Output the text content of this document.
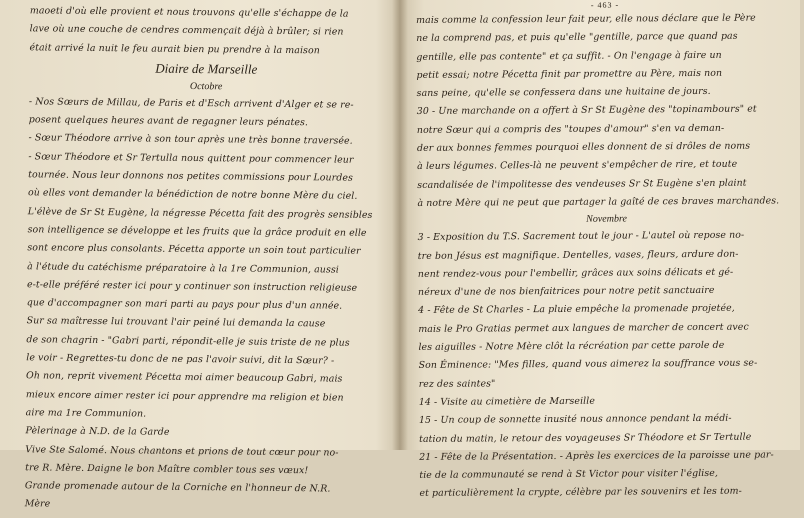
maoeti d'où elle provient et nous trouvons qu'elle s'échappe de la
lave où une couche de cendres commençait déjà à brûler; si rien
était arrivé la nuit le feu aurait bien pu prendre à la maison
Diaire de Marseille
Octobre
- Nos Sœurs de Millau, de Paris et d'Esch arrivent d'Alger et se re-
posent quelques heures avant de regagner leurs pénates.
- Sœur Théodore arrive à son tour après une très bonne traversée.
- Sœur Théodore et Sr Tertulla nous quittent pour commencer leur
tournée. Nous leur donnons nos petites commissions pour Lourdes
où elles vont demander la bénédiction de notre bonne Mère du ciel.
L'élève de Sr St Eugène, la négresse Pécetta fait des progrès sensibles
son intelligence se développe et les fruits que la grâce produit en elle
sont encore plus consolants. Pécetta apporte un soin tout particulier
à l'étude du catéchisme préparatoire à la 1re Communion, aussi
e-t-elle préféré rester ici pour y continuer son instruction religieuse
que d'accompagner son mari parti au pays pour plus d'un année.
Sur sa maîtresse lui trouvant l'air peiné lui demanda la cause
de son chagrin - "Gabri parti, répondit-elle je suis triste de ne plus
le voir - Regrettes-tu donc de ne pas l'avoir suivi, dit la Sœur? -
Oh non, reprit vivement Pécetta moi aimer beaucoup Gabri, mais
mieux encore aimer rester ici pour apprendre ma religion et bien
aire ma 1re Communion.
Pèlerinage à N.D. de la Garde
Vive Ste Salomé. Nous chantons et prions de tout cœur pour no-
tre R. Mère. Daigne le bon Maître combler tous ses vœux!
Grande promenade autour de la Corniche en l'honneur de N.R.
Mère
- 463 -
mais comme la confession leur fait peur, elle nous déclare que le Père
ne la comprend pas, et puis qu'elle "gentille, parce que quand pas
gentille, elle pas contente" et ça suffit. - On l'engage à faire un
petit essai; notre Pécetta finit par promettre au Père, mais non
sans peine, qu'elle se confessera dans une huitaine de jours.
30 - Une marchande on a offert à Sr St Eugène des "topinambours" et
notre Sœur qui a compris des "toupes d'amour" s'en va deman-
der aux bonnes femmes pourquoi elles donnent de si drôles de noms
à leurs légumes. Celles-là ne peuvent s'empêcher de rire, et toute
scandalisée de l'impolitesse des vendeuses Sr St Eugène s'en plaint
à notre Mère qui ne peut que partager la gaîté de ces braves marchandes.
Novembre
3 - Exposition du T.S. Sacrement tout le jour - L'autel où repose no-
tre bon Jésus est magnifique. Dentelles, vases, fleurs, ardure don-
nent rendez-vous pour l'embellir, grâces aux soins délicats et gé-
néreux d'une de nos bienfaitrices pour notre petit sanctuaire
4 - Fête de St Charles - La pluie empêche la promenade projetée,
mais le Pro Gratias permet aux langues de marcher de concert avec
les aiguilles - Notre Mère clôt la récréation par cette parole de
Son Éminence: "Mes filles, quand vous aimerez la souffrance vous se-
rez des saintes"
14 - Visite au cimetière de Marseille
15 - Un coup de sonnette inusité nous annonce pendant la médi-
tation du matin, le retour des voyageuses Sr Théodore et Sr Tertulle
21 - Fête de la Présentation. - Après les exercices de la paroisse une par-
tie de la communauté se rend à St Victor pour visiter l'église,
et particulièrement la crypte, célèbre par les souvenirs et les tom-
